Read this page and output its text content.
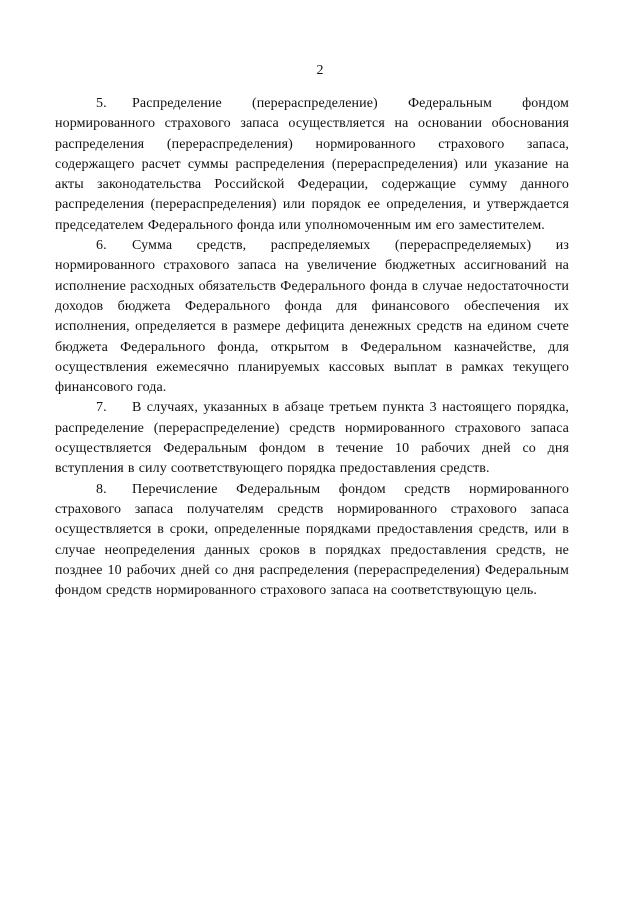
2

5. Распределение (перераспределение) Федеральным фондом нормированного страхового запаса осуществляется на основании обоснования распределения (перераспределения) нормированного страхового запаса, содержащего расчет суммы распределения (перераспределения) или указание на акты законодательства Российской Федерации, содержащие сумму данного распределения (перераспределения) или порядок ее определения, и утверждается председателем Федерального фонда или уполномоченным им его заместителем.

6. Сумма средств, распределяемых (перераспределяемых) из нормированного страхового запаса на увеличение бюджетных ассигнований на исполнение расходных обязательств Федерального фонда в случае недостаточности доходов бюджета Федерального фонда для финансового обеспечения их исполнения, определяется в размере дефицита денежных средств на едином счете бюджета Федерального фонда, открытом в Федеральном казначействе, для осуществления ежемесячно планируемых кассовых выплат в рамках текущего финансового года.

7. В случаях, указанных в абзаце третьем пункта 3 настоящего порядка, распределение (перераспределение) средств нормированного страхового запаса осуществляется Федеральным фондом в течение 10 рабочих дней со дня вступления в силу соответствующего порядка предоставления средств.

8. Перечисление Федеральным фондом средств нормированного страхового запаса получателям средств нормированного страхового запаса осуществляется в сроки, определенные порядками предоставления средств, или в случае неопределения данных сроков в порядках предоставления средств, не позднее 10 рабочих дней со дня распределения (перераспределения) Федеральным фондом средств нормированного страхового запаса на соответствующую цель.
